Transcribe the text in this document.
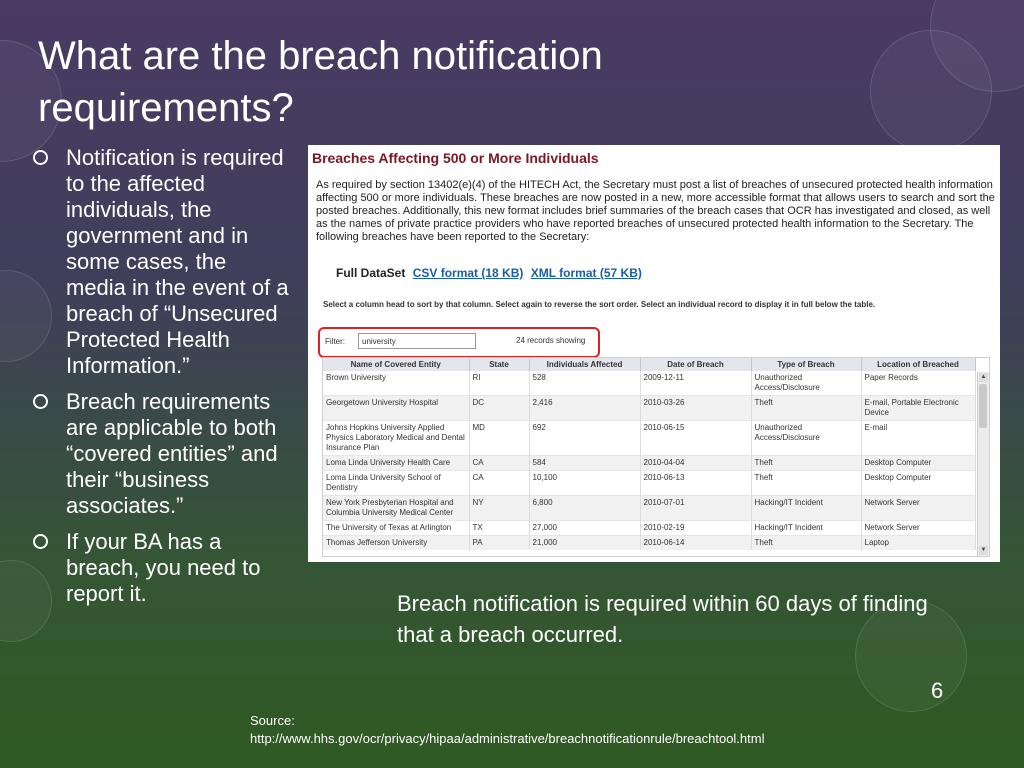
What are the breach notification requirements?
Notification is required to the affected individuals, the government and in some cases, the media in the event of a breach of “Unsecured Protected Health Information.”
Breach requirements are applicable to both “covered entities” and their “business associates.”
If your BA has a breach, you need to report it.
Breaches Affecting 500 or More Individuals
As required by section 13402(e)(4) of the HITECH Act, the Secretary must post a list of breaches of unsecured protected health information affecting 500 or more individuals. These breaches are now posted in a new, more accessible format that allows users to search and sort the posted breaches. Additionally, this new format includes brief summaries of the breach cases that OCR has investigated and closed, as well as the names of private practice providers who have reported breaches of unsecured protected health information to the Secretary. The following breaches have been reported to the Secretary:
Full DataSet CSV format (18 KB) XML format (57 KB)
Select a column head to sort by that column. Select again to reverse the sort order. Select an individual record to display it in full below the table.
Filter:
university	24 records showing
Name of Covered Entity	State	Individuals Affected	Date of Breach	Type of Breach	Location of Breached
Brown University	RI	528	2009-12-11	Unauthorized Access/Disclosure	Paper Records
Georgetown University Hospital	DC	2,416	2010-03-26	Theft	E-mail, Portable Electronic Device
Johns Hopkins University Applied Physics Laboratory Medical and Dental Insurance Plan	MD	692	2010-06-15	Unauthorized Access/Disclosure	E-mail
Loma Linda University Health Care	CA	584	2010-04-04	Theft	Desktop Computer
Loma Linda University School of Dentistry	CA	10,100	2010-06-13	Theft	Desktop Computer
New York Presbyterian Hospital and Columbia University Medical Center	NY	6,800	2010-07-01	Hacking/IT Incident	Network Server
The University of Texas at Arlington	TX	27,000	2010-02-19	Hacking/IT Incident	Network Server
Thomas Jefferson University	PA	21,000	2010-06-14	Theft	Laptop
▲
▼
Breach notification is required within 60 days of finding that a breach occurred.
6
Source:
http://www.hhs.gov/ocr/privacy/hipaa/administrative/breachnotificationrule/breachtool.html
